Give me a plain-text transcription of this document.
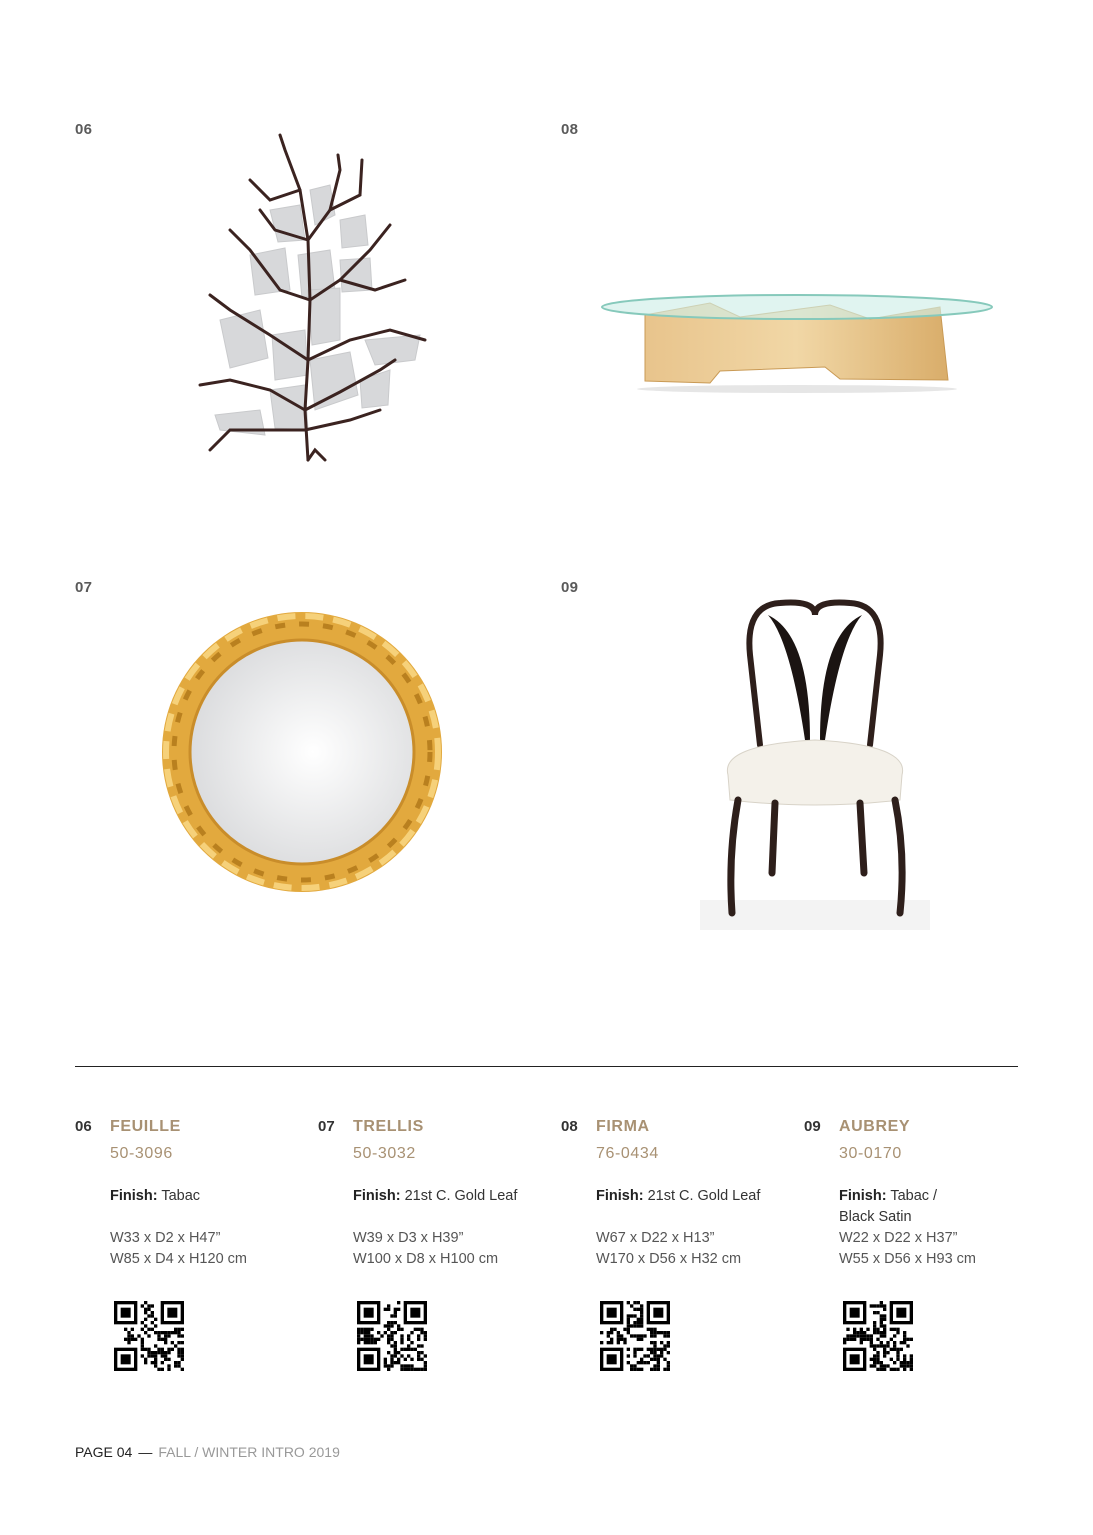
06	08
07	09
06 FEUILLE
50-3096
Finish: Tabac
W33 x D2 x H47”
W85 x D4 x H120 cm
07 TRELLIS
50-3032
Finish: 21st C. Gold Leaf
W39 x D3 x H39”
W100 x D8 x H100 cm
08 FIRMA
76-0434
Finish: 21st C. Gold Leaf
W67 x D22 x H13”
W170 x D56 x H32 cm
09 AUBREY
30-0170
Finish: Tabac / Black Satin
W22 x D22 x H37”
W55 x D56 x H93 cm
PAGE 04 — FALL / WINTER INTRO 2019
